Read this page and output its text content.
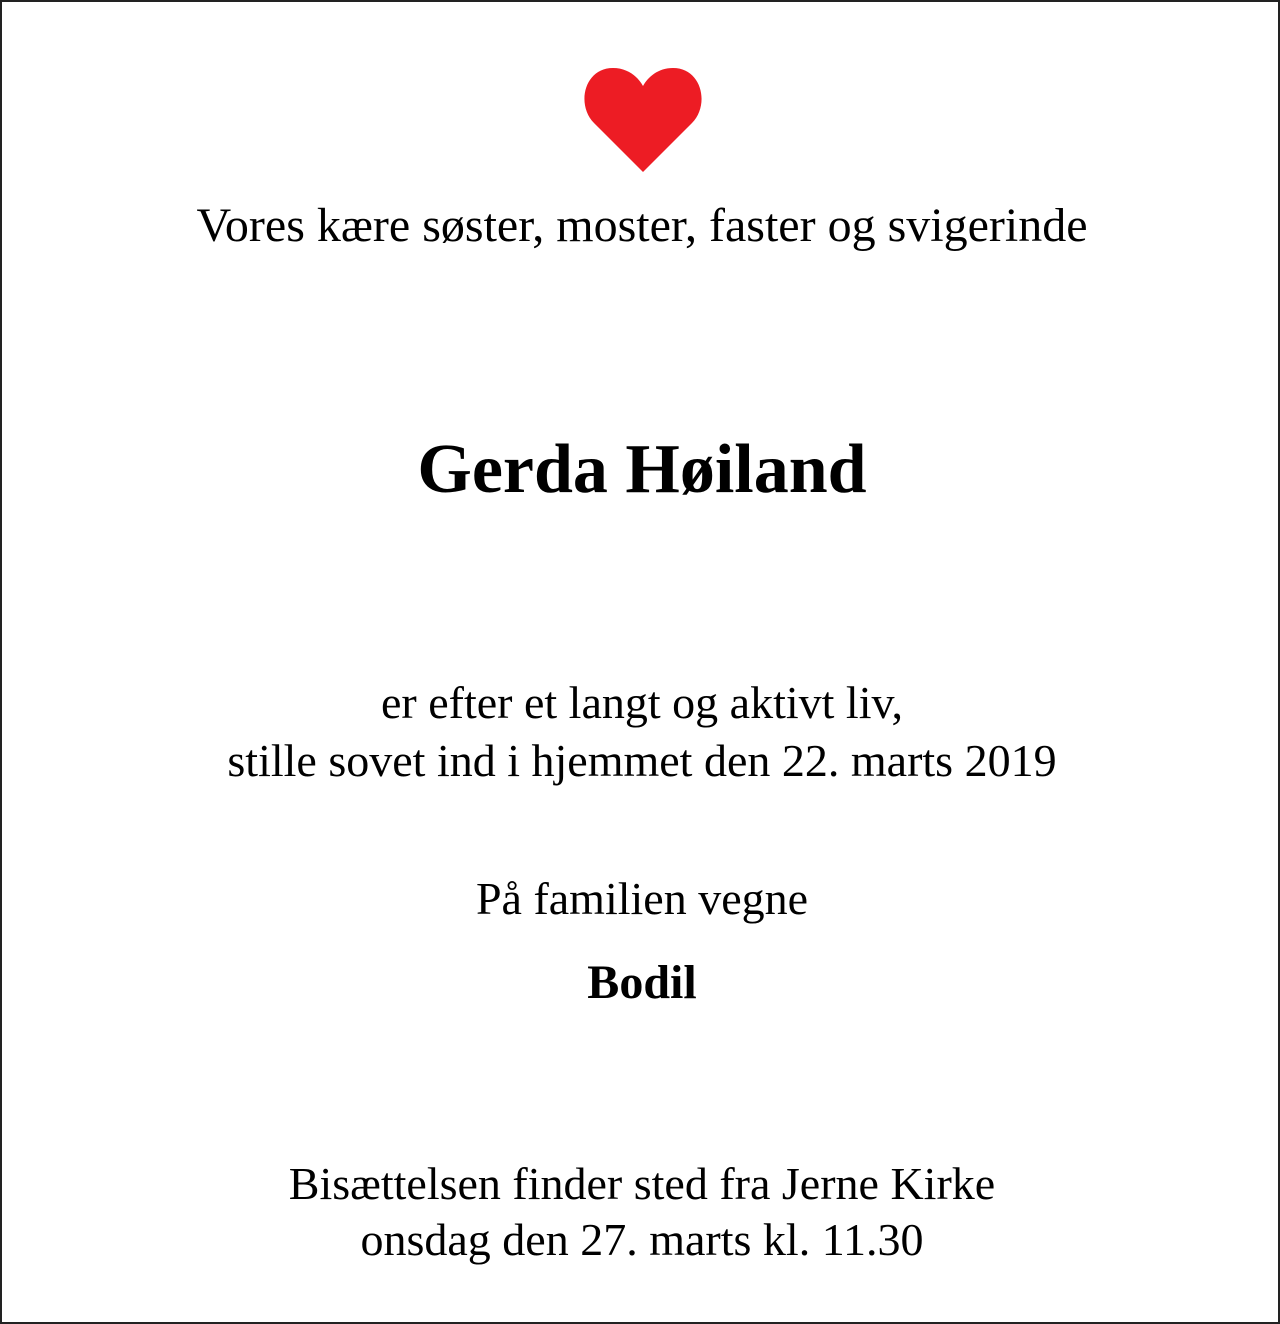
Vores kære søster, moster, faster og svigerinde
Gerda Høiland
er efter et langt og aktivt liv,
stille sovet ind i hjemmet den 22. marts 2019
På familien vegne
Bodil
Bisættelsen finder sted fra Jerne Kirke
onsdag den 27. marts kl. 11.30
